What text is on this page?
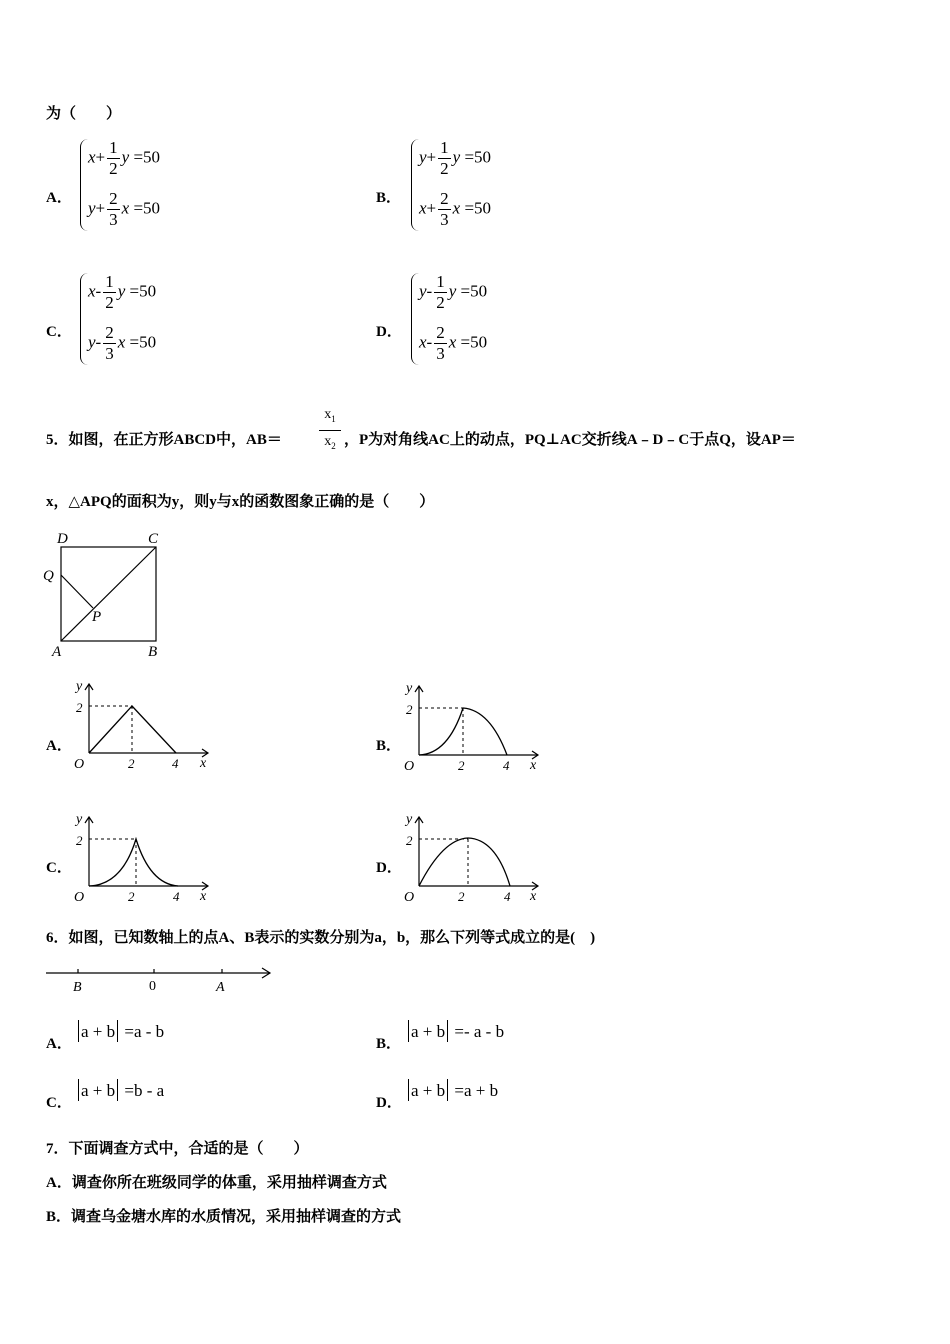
为（　　）
A．
$x+ \frac{1}{2}$ y =50
$y+ \frac{2}{3}$ x =50
B．
$y+ \frac{1}{2}$ y =50
$x+ \frac{2}{3}$ x =50
C．
$x- \frac{1}{2}$ y =50
$y- \frac{2}{3}$ x =50
D．
$y- \frac{1}{2}$ y =50
$x- \frac{2}{3}$ x =50
5．如图，在正方形ABCD中，AB＝
$x_1$
$x_2$ ，P为对角线AC上的动点，PQ⊥AC交折线A﹣D﹣C于点Q，设AP＝
x，△APQ的面积为y，则y与x的函数图象正确的是（　　）
D	C
Q
P
A	B
A．
y
2
O	2	4 x
B．
y
2
O	2	4 x
C．
y
2
O	2	4 x
D．
y
2
O	2	4 x
6．如图，已知数轴上的点A、B表示的实数分别为a，b，那么下列等式成立的是(　)
B	0	A
A．
a + b =a - b
B．
a + b =- a - b
C．
a + b =b - a
D．
a + b =a + b
7．下面调查方式中，合适的是（　　）
A．调查你所在班级同学的体重，采用抽样调查方式
B．调查乌金塘水库的水质情况，采用抽样调查的方式
